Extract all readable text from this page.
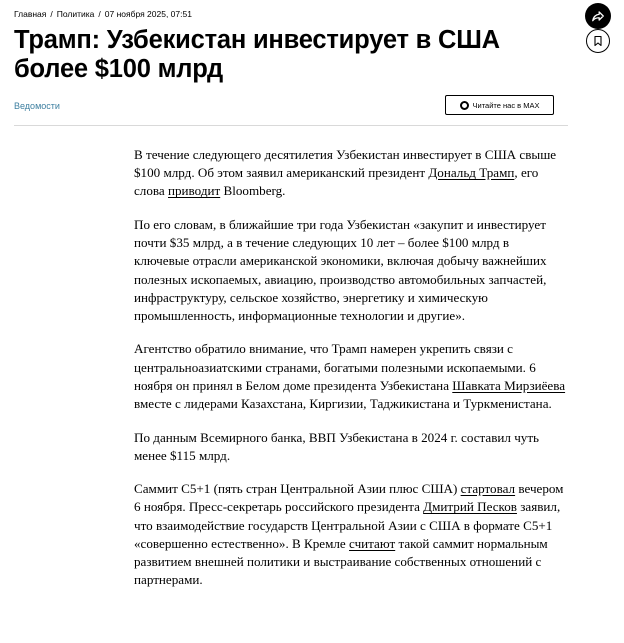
Главная / Политика / 07 ноября 2025, 07:51
Трамп: Узбекистан инвестирует в США более $100 млрд
Ведомости	Читайте нас в MAX

В течение следующего десятилетия Узбекистан инвестирует в США свыше $100 млрд. Об этом заявил американский президент Дональд Трамп, его слова приводит Bloomberg.

По его словам, в ближайшие три года Узбекистан «закупит и инвестирует почти $35 млрд, а в течение следующих 10 лет – более $100 млрд в ключевые отрасли американской экономики, включая добычу важнейших полезных ископаемых, авиацию, производство автомобильных запчастей, инфраструктуру, сельское хозяйство, энергетику и химическую промышленность, информационные технологии и другие».

Агентство обратило внимание, что Трамп намерен укрепить связи с центральноазиатскими странами, богатыми полезными ископаемыми. 6 ноября он принял в Белом доме президента Узбекистана Шавката Мирзиёева вместе с лидерами Казахстана, Киргизии, Таджикистана и Туркменистана.

По данным Всемирного банка, ВВП Узбекистана в 2024 г. составил чуть менее $115 млрд.

Саммит С5+1 (пять стран Центральной Азии плюс США) стартовал вечером 6 ноября. Пресс-секретарь российского президента Дмитрий Песков заявил, что взаимодействие государств Центральной Азии с США в формате С5+1 «совершенно естественно». В Кремле считают такой саммит нормальным развитием внешней политики и выстраивание собственных отношений с партнерами.
